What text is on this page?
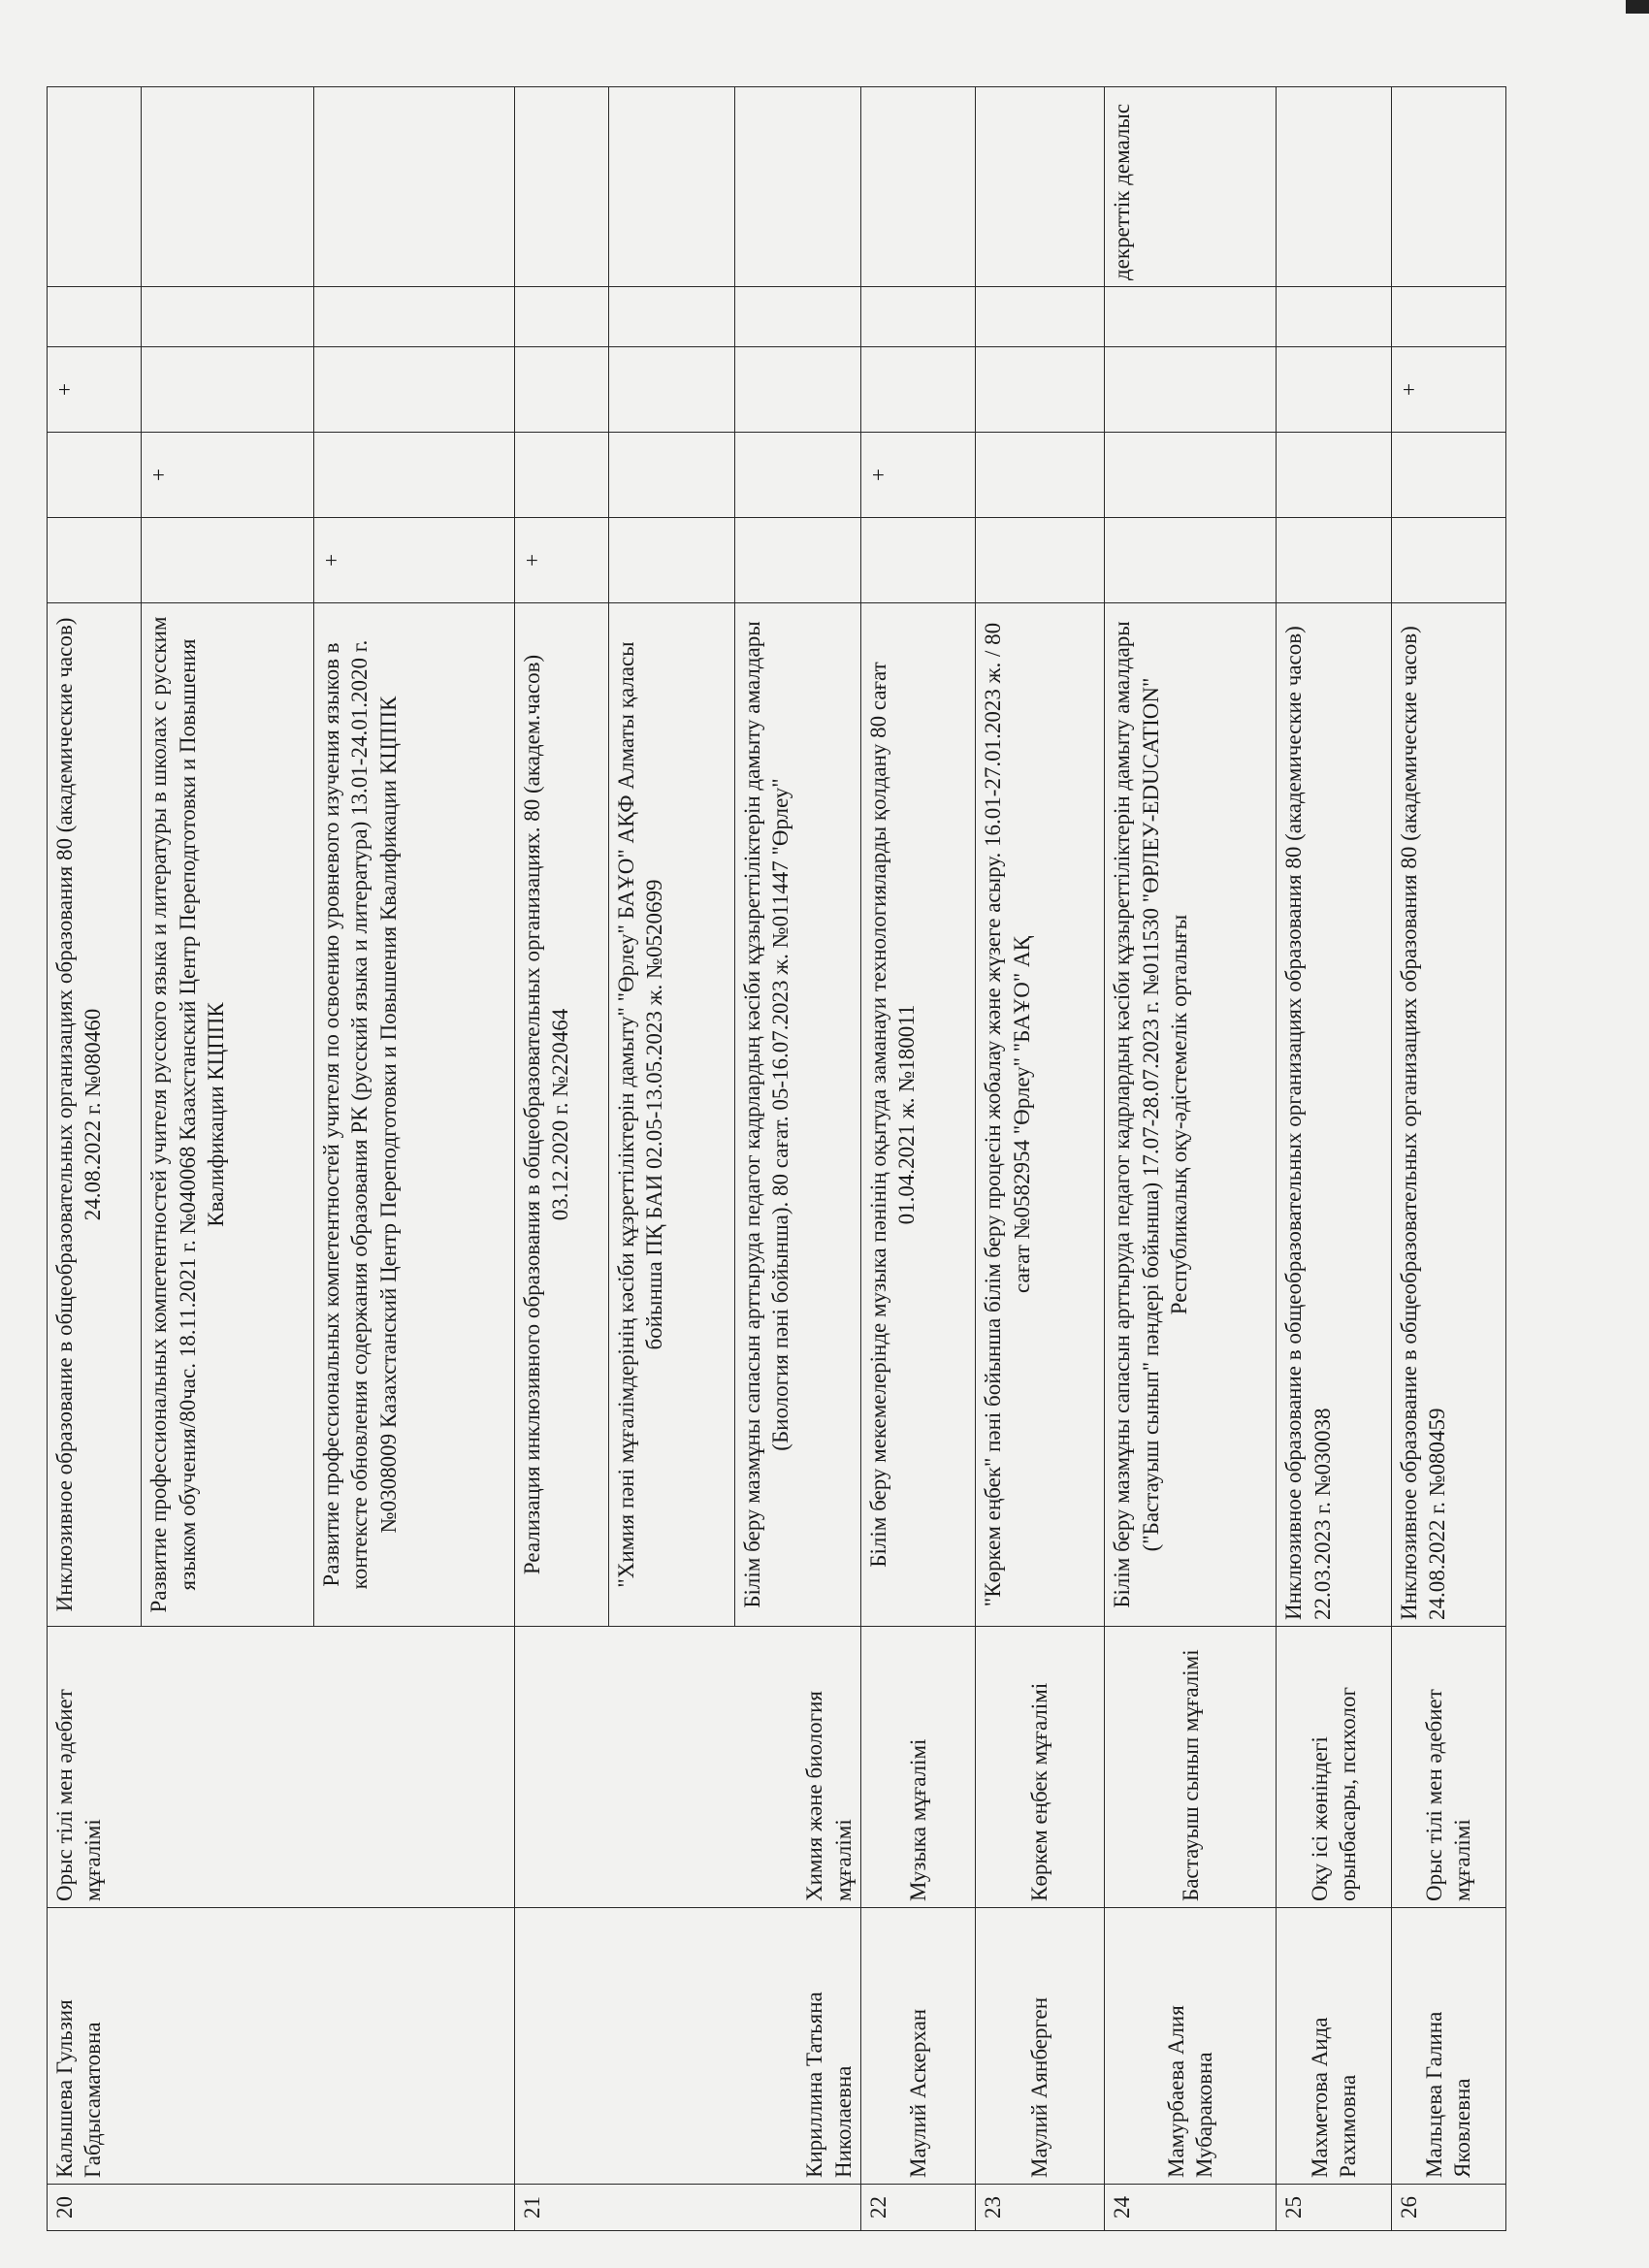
20	Калышева Гульзия Габдысаматовна	Орыс тілі мен әдебиет мұғалімі	Инклюзивное образование в общеобразовательных организациях образования 80 (академические часов) 24.08.2022 г. №080460			+		
			Развитие профессиональных компетентностей учителя русского языка и литературы в школах с русским языком обучения/80час. 18.11.2021 г. №040068 Казахстанский Центр Переподготовки и Повышения Квалификации КЦППК		+			
			Развитие профессиональных компетентностей учителя по освоению уровневого изучения языков в контексте обновления содержания образования РК (русский языка и литература) 13.01-24.01.2020 г. №0308009 Казахстанский Центр Переподготовки и Повышения Квалификации КЦППК	+				
21	Кириллина Татьяна Николаевна	Химия және биология мұғалімі	Реализация инклюзивного образования в общеобразовательных организациях. 80 (академ.часов) 03.12.2020 г. №220464	+				
			"Химия пәні мұғалімдерінің кәсіби құзреттіліктерін дамыту" "Өрлеу" БАҰО" АҚФ Алматы қаласы бойынша ПҚ БАИ 02.05-13.05.2023 ж. №0520699					
			Білім беру мазмұны сапасын арттыруда педагог кадрлардың кәсіби құзыреттіліктерін дамыту амалдары (Биология пәні бойынша). 80 сағат. 05-16.07.2023 ж. №011447 "Өрлеу"					
22	Маулий Аскерхан	Музыка мұғалімі	Білім беру мекемелерінде музыка пәнінің оқытуда заманауи технологияларды қолдану 80 сағат 01.04.2021 ж. №180011		+			
23	Маулий Аянберген	Көркем еңбек мұғалімі	"Көркем еңбек" пәні бойынша білім беру процесін жобалау және жүзеге асыру. 16.01-27.01.2023 ж. / 80 сағат №0582954 "Өрлеу" "БАҰО" АҚ					
24	Мамурбаева Алия Мубараковна	Бастауыш сынып мұғалімі	Білім беру мазмұны сапасын арттыруда педагог кадрлардың кәсіби құзыреттіліктерін дамыту амалдары ("Бастауыш сынып" пәндері бойынша) 17.07-28.07.2023 г. №011530 "ӨРЛЕУ-EDUCATION" Республикалық оқу-әдістемелік орталығы					декреттік демалыс
25	Махметова Аида Рахимовна	Оқу ісі жөніндегі орынбасары, психолог	Инклюзивное образование в общеобразовательных организациях образования 80 (академические часов) 22.03.2023 г. №030038					
26	Мальцева Галина Яковлевна	Орыс тілі мен әдебиет мұғалімі	Инклюзивное образование в общеобразовательных организациях образования 80 (академические часов) 24.08.2022 г. №080459			+		
